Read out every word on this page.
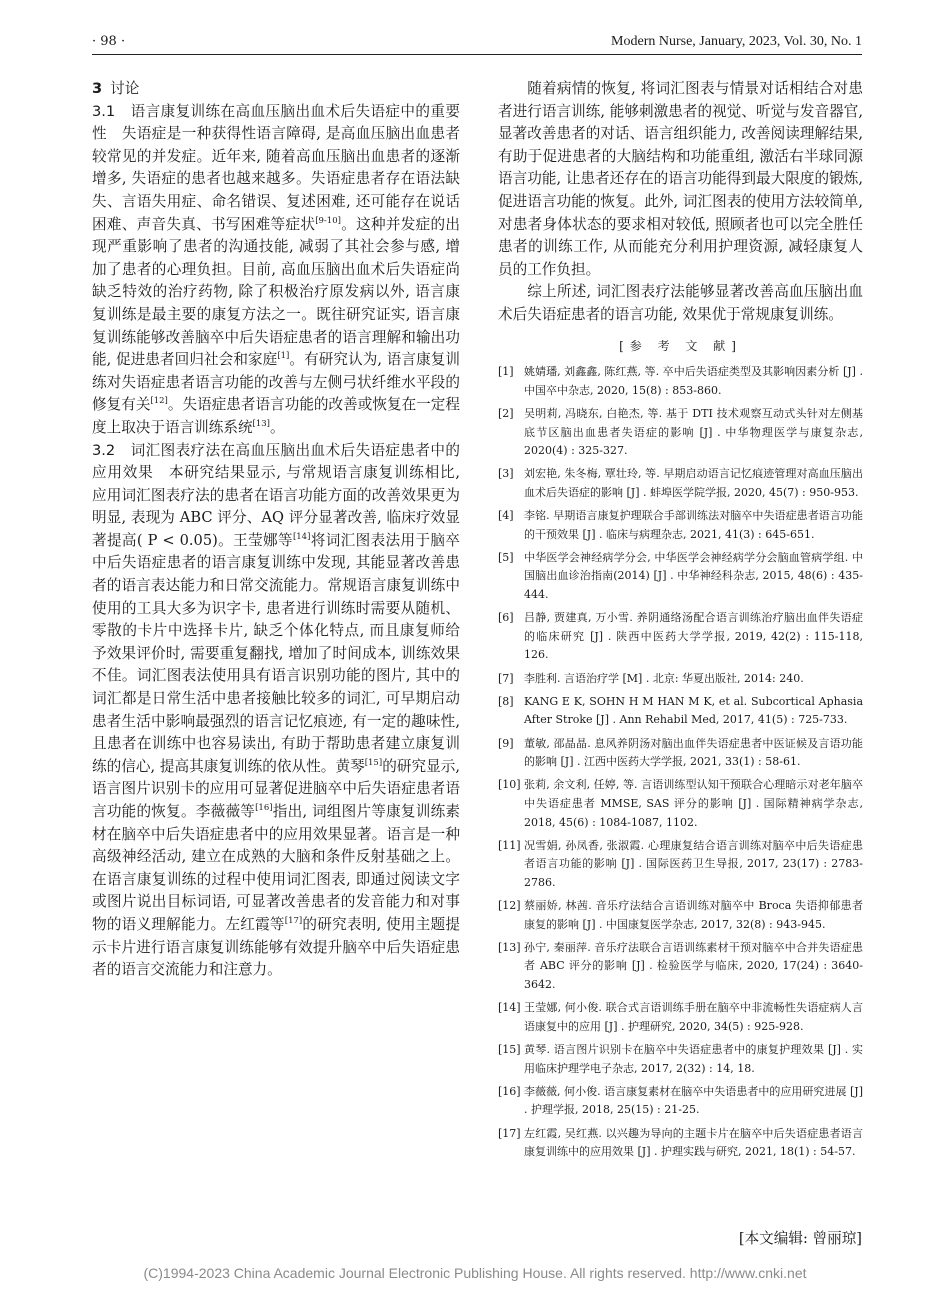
· 98 ·	Modern Nurse, January, 2023, Vol. 30, No. 1

3 讨论

3.1　语言康复训练在高血压脑出血术后失语症中的重要性　 失语症是一种获得性语言障碍, 是高血压脑出血患者较常见的并发症。近年来, 随着高血压脑出血患者的逐渐增多, 失语症的患者也越来越多。失语症患者存在语法缺失、言语失用症、命名错误、复述困难, 还可能存在说话困难、声音失真、书写困难等症状[9-10]。这种并发症的出现严重影响了患者的沟通技能, 减弱了其社会参与感, 增加了患者的心理负担。目前, 高血压脑出血术后失语症尚缺乏特效的治疗药物, 除了积极治疗原发病以外, 语言康复训练是最主要的康复方法之一。既往研究证实, 语言康复训练能够改善脑卒中后失语症患者的语言理解和输出功能, 促进患者回归社会和家庭[1]。有研究认为, 语言康复训练对失语症患者语言功能的改善与左侧弓状纤维水平段的修复有关[12]。失语症患者语言功能的改善或恢复在一定程度上取决于语言训练系统[13]。

3.2　词汇图表疗法在高血压脑出血术后失语症患者中的应用效果　 本研究结果显示, 与常规语言康复训练相比, 应用词汇图表疗法的患者在语言功能方面的改善效果更为明显, 表现为 ABC 评分、AQ 评分显著改善, 临床疗效显著提高( P < 0.05)。王莹娜等[14]将词汇图表法用于脑卒中后失语症患者的语言康复训练中发现, 其能显著改善患者的语言表达能力和日常交流能力。常规语言康复训练中使用的工具大多为识字卡, 患者进行训练时需要从随机、零散的卡片中选择卡片, 缺乏个体化特点, 而且康复师给予效果评价时, 需要重复翻找, 增加了时间成本, 训练效果不佳。词汇图表法使用具有语言识别功能的图片, 其中的词汇都是日常生活中患者接触比较多的词汇, 可早期启动患者生活中影响最强烈的语言记忆痕迹, 有一定的趣味性, 且患者在训练中也容易读出, 有助于帮助患者建立康复训练的信心, 提高其康复训练的依从性。黄琴[15]的研究显示, 语言图片识别卡的应用可显著促进脑卒中后失语症患者语言功能的恢复。李薇薇等[16]指出, 词组图片等康复训练素材在脑卒中后失语症患者中的应用效果显著。语言是一种高级神经活动, 建立在成熟的大脑和条件反射基础之上。在语言康复训练的过程中使用词汇图表, 即通过阅读文字或图片说出目标词语, 可显著改善患者的发音能力和对事物的语义理解能力。左红霞等[17]的研究表明, 使用主题提示卡片进行语言康复训练能够有效提升脑卒中后失语症患者的语言交流能力和注意力。

随着病情的恢复, 将词汇图表与情景对话相结合对患者进行语言训练, 能够刺激患者的视觉、听觉与发音器官, 显著改善患者的对话、语言组织能力, 改善阅读理解结果, 有助于促进患者的大脑结构和功能重组, 激活右半球同源语言功能, 让患者还存在的语言功能得到最大限度的锻炼, 促进语言功能的恢复。此外, 词汇图表的使用方法较简单, 对患者身体状态的要求相对较低, 照顾者也可以完全胜任患者的训练工作, 从而能充分利用护理资源, 减轻康复人员的工作负担。

综上所述, 词汇图表疗法能够显著改善高血压脑出血术后失语症患者的语言功能, 效果优于常规康复训练。

[参 考 文 献]
[1] 姚婧璠, 刘鑫鑫, 陈红燕, 等. 卒中后失语症类型及其影响因素分析 [J] . 中国卒中杂志, 2020, 15(8) : 853-860.
[2] 吴明莉, 冯晓东, 白艳杰, 等. 基于 DTI 技术观察互动式头针对左侧基底节区脑出血患者失语症的影响 [J] . 中华物理医学与康复杂志, 2020(4) : 325-327.
[3] 刘宏艳, 朱冬梅, 覃壮玲, 等. 早期启动语言记忆痕迹管理对高血压脑出血术后失语症的影响 [J] . 蚌埠医学院学报, 2020, 45(7) : 950-953.
[4] 李铭. 早期语言康复护理联合手部训练法对脑卒中失语症患者语言功能的干预效果 [J] . 临床与病理杂志, 2021, 41(3) : 645-651.
[5] 中华医学会神经病学分会, 中华医学会神经病学分会脑血管病学组. 中国脑出血诊治指南(2014) [J] . 中华神经科杂志, 2015, 48(6) : 435-444.
[6] 吕静, 贾建真, 万小雪. 养阴通络汤配合语言训练治疗脑出血伴失语症的临床研究 [J] . 陕西中医药大学学报, 2019, 42(2) : 115-118, 126.
[7] 李胜利. 言语治疗学 [M] . 北京: 华夏出版社, 2014: 240.
[8] KANG E K, SOHN H M HAN M K, et al. Subcortical Aphasia After Stroke [J] . Ann Rehabil Med, 2017, 41(5) : 725-733.
[9] 董敏, 邵晶晶. 息风养阴汤对脑出血伴失语症患者中医证候及言语功能的影响 [J] . 江西中医药大学学报, 2021, 33(1) : 58-61.
[10] 张莉, 余文利, 任婷, 等. 言语训练型认知干预联合心理暗示对老年脑卒中失语症患者 MMSE, SAS 评分的影响 [J] . 国际精神病学杂志, 2018, 45(6) : 1084-1087, 1102.
[11] 况雪娟, 孙凤香, 张淑霞. 心理康复结合语言训练对脑卒中后失语症患者语言功能的影响 [J] . 国际医药卫生导报, 2017, 23(17) : 2783-2786.
[12] 蔡丽娇, 林茜. 音乐疗法结合言语训练对脑卒中 Broca 失语抑郁患者康复的影响 [J] . 中国康复医学杂志, 2017, 32(8) : 943-945.
[13] 孙宁, 秦丽萍. 音乐疗法联合言语训练素材干预对脑卒中合并失语症患者 ABC 评分的影响 [J] . 检验医学与临床, 2020, 17(24) : 3640-3642.
[14] 王莹娜, 何小俊. 联合式言语训练手册在脑卒中非流畅性失语症病人言语康复中的应用 [J] . 护理研究, 2020, 34(5) : 925-928.
[15] 黄琴. 语言图片识别卡在脑卒中失语症患者中的康复护理效果 [J] . 实用临床护理学电子杂志, 2017, 2(32) : 14, 18.
[16] 李薇薇, 何小俊. 语言康复素材在脑卒中失语患者中的应用研究进展 [J] . 护理学报, 2018, 25(15) : 21-25.
[17] 左红霞, 吴红燕. 以兴趣为导向的主题卡片在脑卒中后失语症患者语言康复训练中的应用效果 [J] . 护理实践与研究, 2021, 18(1) : 54-57.
[本文编辑: 曾丽琼]
(C)1994-2023 China Academic Journal Electronic Publishing House. All rights reserved. http://www.cnki.net
